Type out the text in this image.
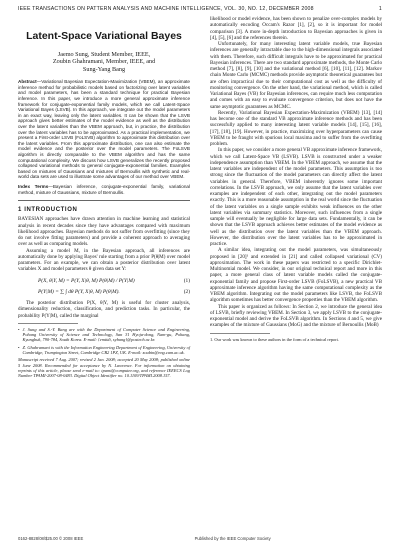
IEEE TRANSACTIONS ON PATTERN ANALYSIS AND MACHINE INTELLIGENCE, VOL. 30, NO. 12, DECEMBER 2008	1
Latent-Space Variational Bayes
Jaemo Sung, Student Member, IEEE,
Zoubin Ghahramani, Member, IEEE, and
Sung-Yang Bang
Abstract—Variational Bayesian Expectation-Maximization (VBEM), an approximate inference method for probabilistic models based on factorizing over latent variables and model parameters, has been a standard technique for practical Bayesian inference. In this paper, we introduce a more general approximate inference framework for conjugate-exponential family models, which we call Latent-Space Variational Bayes (LSVB). In this approach, we integrate out the model parameters in an exact way, leaving only the latent variables. It can be shown that the LSVB approach gives better estimates of the model evidence as well as the distribution over the latent variables than the VBEM approach, but, in practice, the distribution over the latent variables has to be approximated. As a practical implementation, we present a First-order LSVB (FoLSVB) algorithm to approximate this distribution over the latent variables. From this approximate distribution, one can also estimate the model evidence and the posterior over the model parameters. The FoLSVB algorithm is directly comparable to the VBEM algorithm and has the same computational complexity. We discuss how LSVB generalizes the recently proposed collapsed variational methods to general conjugate-exponential families. Examples based on mixtures of Gaussians and mixtures of Bernoullis with synthetic and real-world data sets are used to illustrate some advantages of our method over VBEM.
Index Terms—Bayesian inference, conjugate-exponential family, variational method, mixture of Gaussians, mixture of Bernoullis.
1 INTRODUCTION

BAYESIAN approaches have drawn attention in machine learning and statistical analysis in recent decades since they have advantages compared with maximum likelihood approaches. Bayesian methods do not suffer from overfitting (since they do not involve fitting parameters) and provide a coherent approach to averaging over as well as comparing models.

Assuming a model M, in the Bayesian approach, all inferences are automatically done by applying Bayes' rule starting from a prior P(θ|M) over model parameters. For an example, we can obtain a posterior distribution over latent variables X and model parameters θ given data set Y:

P(X, θ|Y, M) = P(Y, X|θ, M) P(θ|M) / P(Y|M)	(1)
P(Y|M) = ∑ ∫ dθ P(Y, X|θ, M) P(θ|M).	(2)

The posterior distribution P(X, θ|Y, M) is useful for cluster analysis, dimensionality reduction, classification, and prediction tasks. In particular, the probability P(Y|M), called the marginal

• J. Sung and S.-Y. Bang are with the Department of Computer Science and Engineering, Pohang University of Science and Technology, San 31 Hyoja-dong, Nam-gu, Pohang, Kyungbuk, 790-784, South Korea. E-mail: {emtidi, sybang}@postech.ac.kr.
• Z. Ghahramani is with the Information Engineering Department of Engineering, University of Cambridge, Trumpington Street, Cambridge CB2 1PZ, UK. E-mail: zoubin@eng.cam.ac.uk.
Manuscript received 7 Aug. 2007; revised 2 Jan. 2008; accepted 20 May 2008; published online 5 June 2008. Recommended for acceptance by N. Lawrence. For information on obtaining reprints of this article, please send e-mail to: tpami@computer.org, and reference IEEECS Log Number TPAMI-2007-08-0483. Digital Object Identifier no. 10.1109/TPAMI.2008.157.

likelihood or model evidence, has been shown to penalize over-complex models by automatically encoding Occam's Razor [1], [2], so it is important for model comparison [3]. A more in-depth introduction to Bayesian approaches is given in [4], [5], [6] and the references therein.

Unfortunately, for many interesting latent variable models, true Bayesian inferences are generally intractable due to the high-dimensional integrals associated with them. Therefore, such difficult integrals have to be approximated for practical Bayesian inferences. There are two standard approximate methods, the Monte Carlo method [7], [8], [9], [10] and the variational method [6], [10], [11], [12]. Markov chain Monte Carlo (MCMC) methods provide asymptotic theoretical guarantees but are often impractical due to their computational cost as well as the difficulty of monitoring convergence. On the other hand, the variational method, which is called Variational Bayes (VB) for Bayesian inferences, can require much less computation and comes with an easy to evaluate convergence criterion, but does not have the same asymptotic guarantees as MCMC.

Recently, Variational Bayesian Expectation-Maximization (VBEM) [13], [14] has become one of the standard VB approximate inference methods and has been successfully applied to many interesting latent variable models [14], [15], [16], [17], [18], [19]. However, in practice, maximizing over hyperparameters can cause VBEM to be fraught with spurious local maxima and to suffer from the overfitting problem.

In this paper, we consider a more general VB approximate inference framework, which we call Latent-Space VB (LSVB). LSVB is constructed under a weaker independence assumption than VBEM. In the VBEM approach, we assume that the latent variables are independent of the model parameters. This assumption is too strong since the fluctuation of the model parameters can directly affect the latent variables in general. Therefore, VBEM inherently ignores some important correlations. In the LSVB approach, we only assume that the latent variables over examples are independent of each other, integrating out the model parameters exactly. This is a more reasonable assumption in the real world since the fluctuation of the latent variables on a single sample exhibits weak influences on the other latent variables via summary statistics. Moreover, such influences from a single sample will eventually be negligible for large data sets. Fundamentally, it can be shown that the LSVB approach achieves better estimates of the model evidence as well as the distribution over the latent variables than the VBEM approach. However, the distribution over the latent variables has to be approximated in practice.

A similar idea, integrating out the model parameters, was simultaneously proposed in [20]¹ and extended in [21] and called collapsed variational (CV) approximation. The work in these papers was restricted to a specific Dirichlet-Multinomial model. We consider, in our original technical report and more in this paper, a more general class of latent variable models called the conjugate-exponential family and propose First-order LSVB (FoLSVB), a new practical VB approximate inference algorithm having the same computational complexity as the VBEM algorithm. Integrating out the model parameters like LSVB, the FoLSVB algorithm sometimes has better convergence properties than the VBEM algorithm.

This paper is organized as follows: In Section 2, we introduce the general idea of LSVB, briefly reviewing VBEM. In Section 3, we apply LSVB to the conjugate-exponential model and derive the FoLSVB algorithm. In Sections 4 and 5, we give examples of the mixture of Gaussians (MoG) and the mixture of Bernoullis (MoB)

1. Our work was known to these authors in the form of a technical report.
0162-8828/08/$25.00 © 2008 IEEE	Published by the IEEE Computer Society
